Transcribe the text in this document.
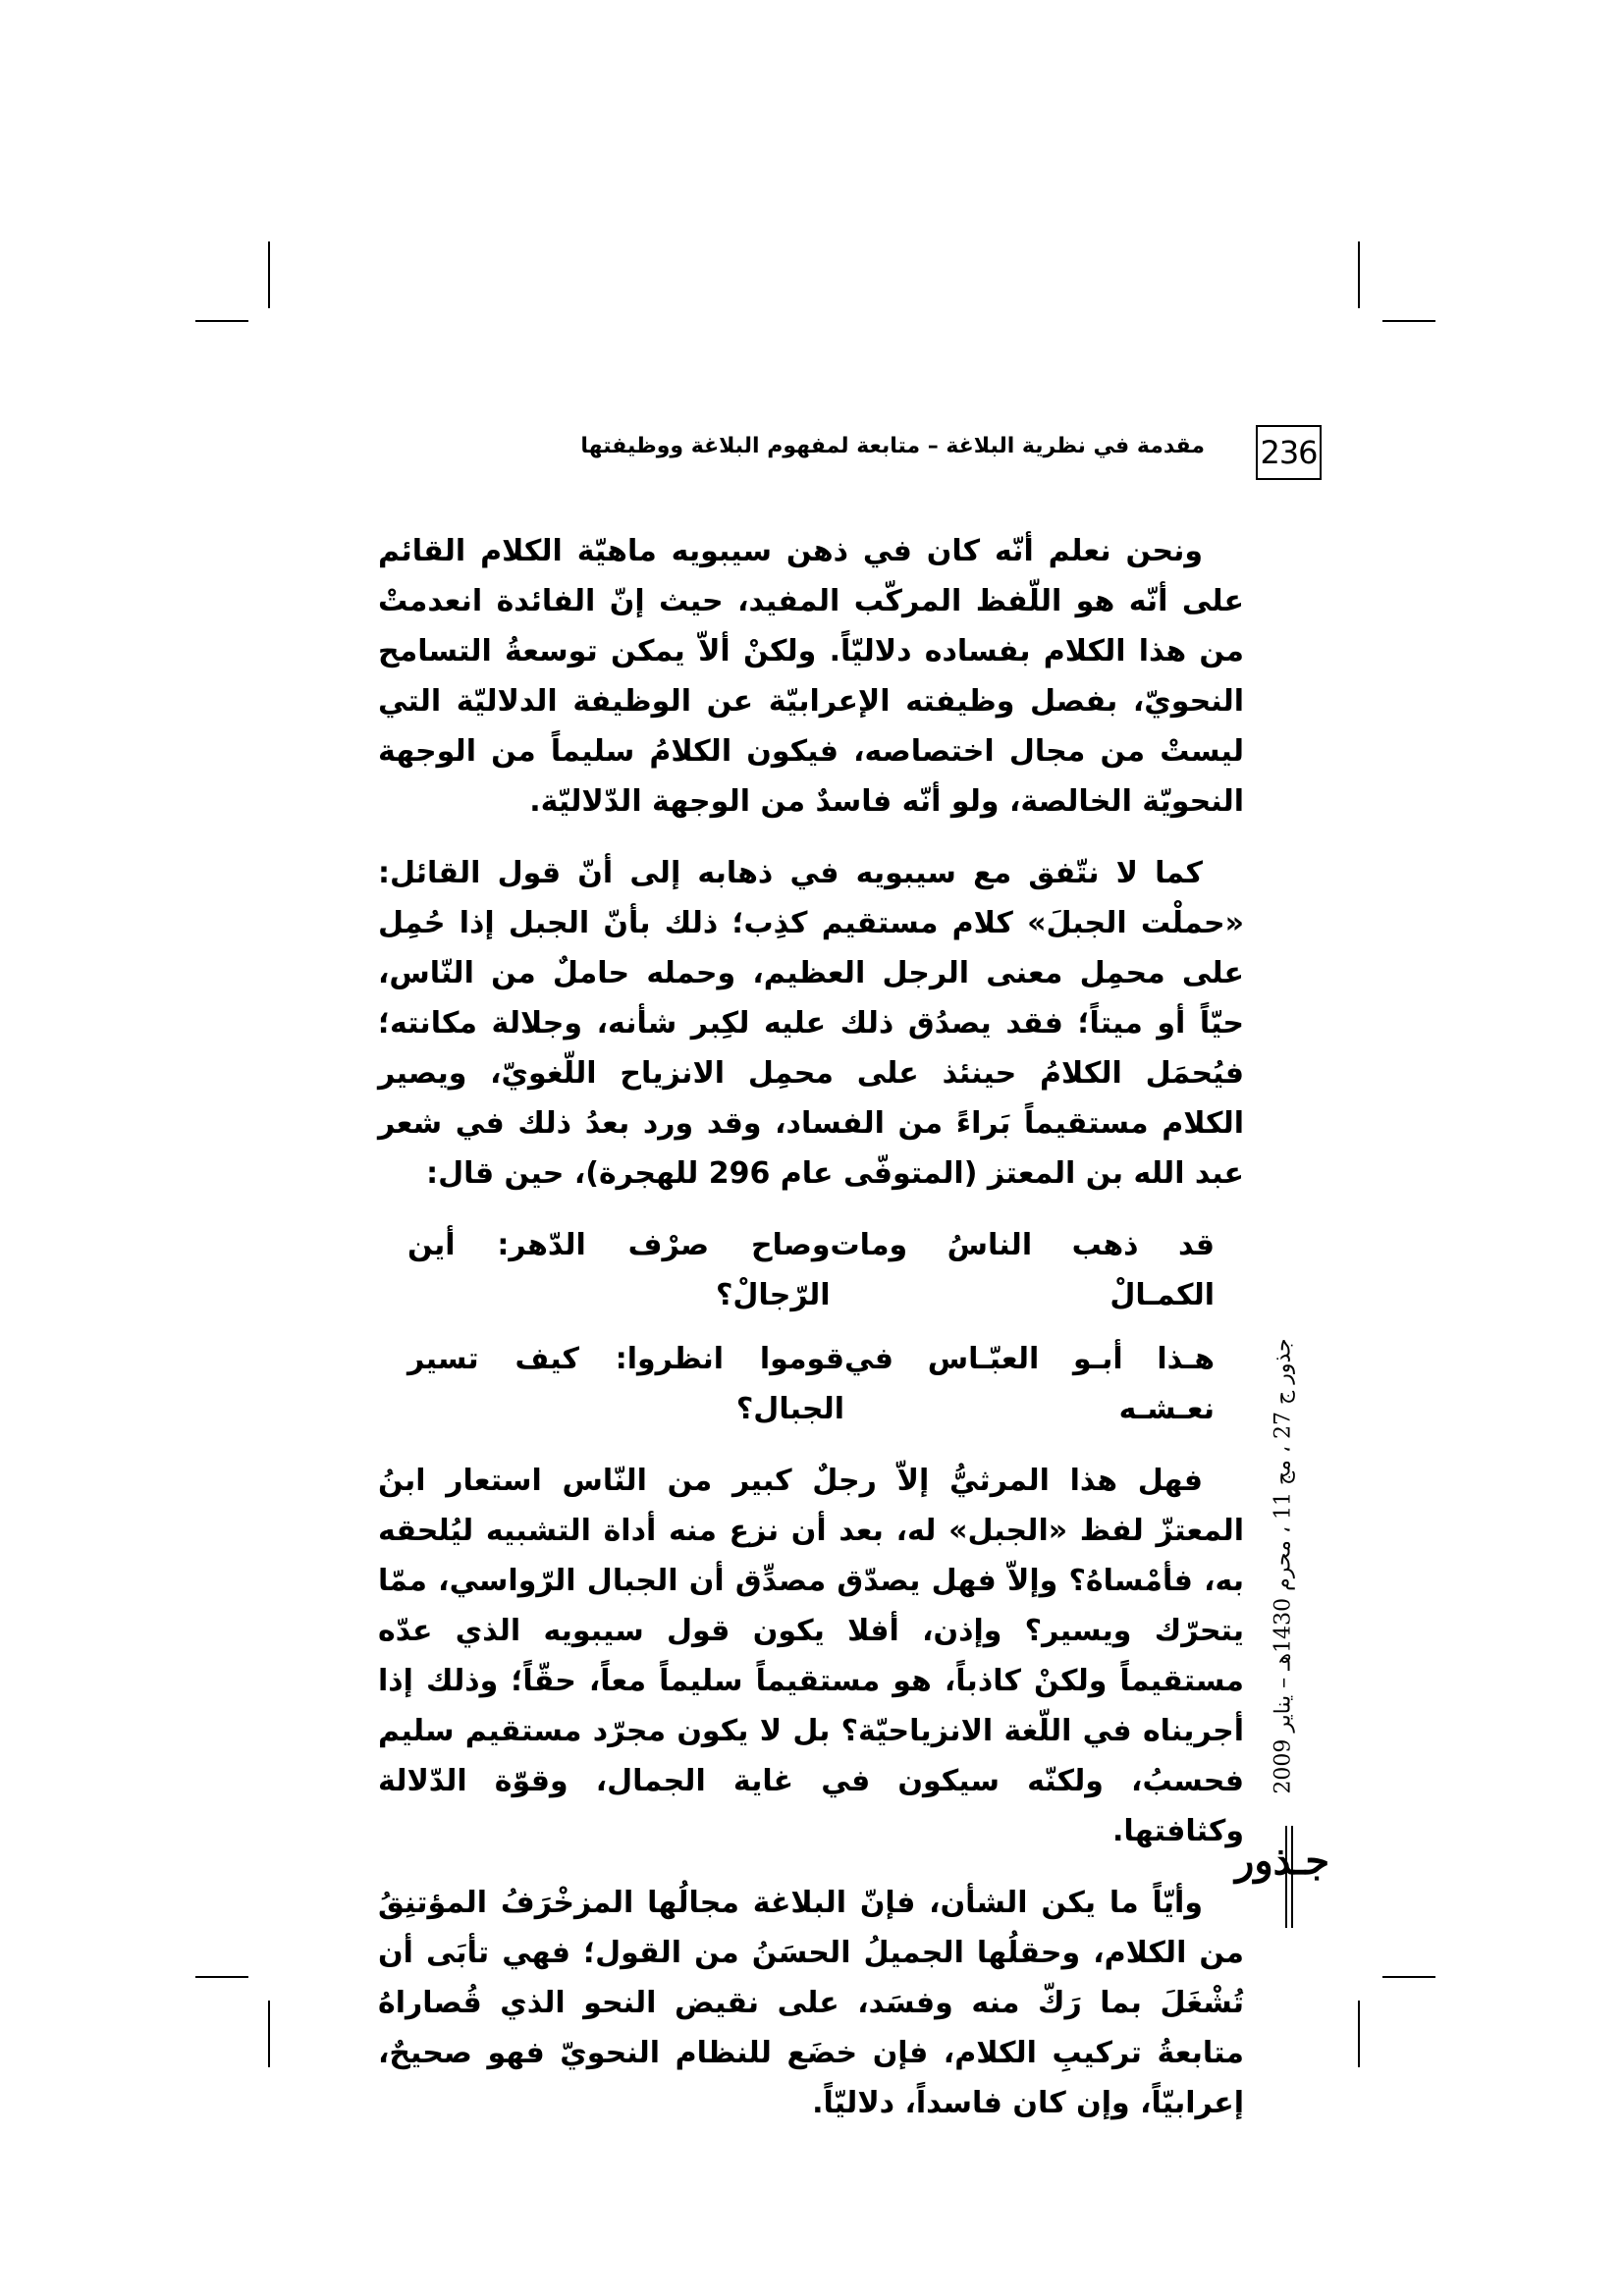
236
مقدمة في نظرية البلاغة – متابعة لمفهوم البلاغة ووظيفتها

ونحن نعلم أنّه كان في ذهن سيبويه ماهيّة الكلام القائم على أنّه هو اللّفظ المركّب المفيد، حيث إنّ الفائدة انعدمتْ من هذا الكلام بفساده دلاليّاً. ولكنْ ألاّ يمكن توسعةُ التسامح النحويّ، بفصل وظيفته الإعرابيّة عن الوظيفة الدلاليّة التي ليستْ من مجال اختصاصه، فيكون الكلامُ سليماً من الوجهة النحويّة الخالصة، ولو أنّه فاسدٌ من الوجهة الدّلاليّة.

كما لا نتّفق مع سيبويه في ذهابه إلى أنّ قول القائل: «حملْت الجبلَ» كلام مستقيم كذِب؛ ذلك بأنّ الجبل إذا حُمِل على محمِل معنى الرجل العظيم، وحمله حاملٌ من النّاس، حيّاً أو ميتاً؛ فقد يصدُق ذلك عليه لكِبر شأنه، وجلالة مكانته؛ فيُحمَل الكلامُ حينئذ على محمِل الانزياح اللّغويّ، ويصير الكلام مستقيماً بَراءً من الفساد، وقد ورد بعدُ ذلك في شعر عبد الله بن المعتز (المتوفّى عام 296 للهجرة)، حين قال:

قد ذهب الناسُ ومات الكمـالْ
وصاح صرْف الدّهر: أين الرّجالْ؟
هـذا أبـو العبّـاس في نعـشـه
قوموا انظروا: كيف تسير الجبال؟

فهل هذا المرثيُّ إلاّ رجلٌ كبير من النّاس استعار ابنُ المعتزّ لفظ «الجبل» له، بعد أن نزع منه أداة التشبيه ليُلحقه به، فأمْساهُ؟ وإلاّ فهل يصدّق مصدِّق أن الجبال الرّواسي، ممّا يتحرّك ويسير؟ وإذن، أفلا يكون قول سيبويه الذي عدّه مستقيماً ولكنْ كاذباً، هو مستقيماً سليماً معاً، حقّاً؛ وذلك إذا أجريناه في اللّغة الانزياحيّة؟ بل لا يكون مجرّد مستقيم سليم فحسبُ، ولكنّه سيكون في غاية الجمال، وقوّة الدّلالة وكثافتها.

وأيّاً ما يكن الشأن، فإنّ البلاغة مجالُها المزخْرَفُ المؤتنِقُ من الكلام، وحقلُها الجميلُ الحسَنُ من القول؛ فهي تأبَى أن تُشْغَلَ بما رَكّ منه وفسَد، على نقيض النحو الذي قُصاراهُ متابعةُ تركيبِ الكلام، فإن خضَع للنظام النحويّ فهو صحيحٌ، إعرابيّاً، وإن كان فاسداً، دلاليّاً.

جذور ج 27 ، مج 11 ، محرم 1430هـ – يناير 2009
جـذور
